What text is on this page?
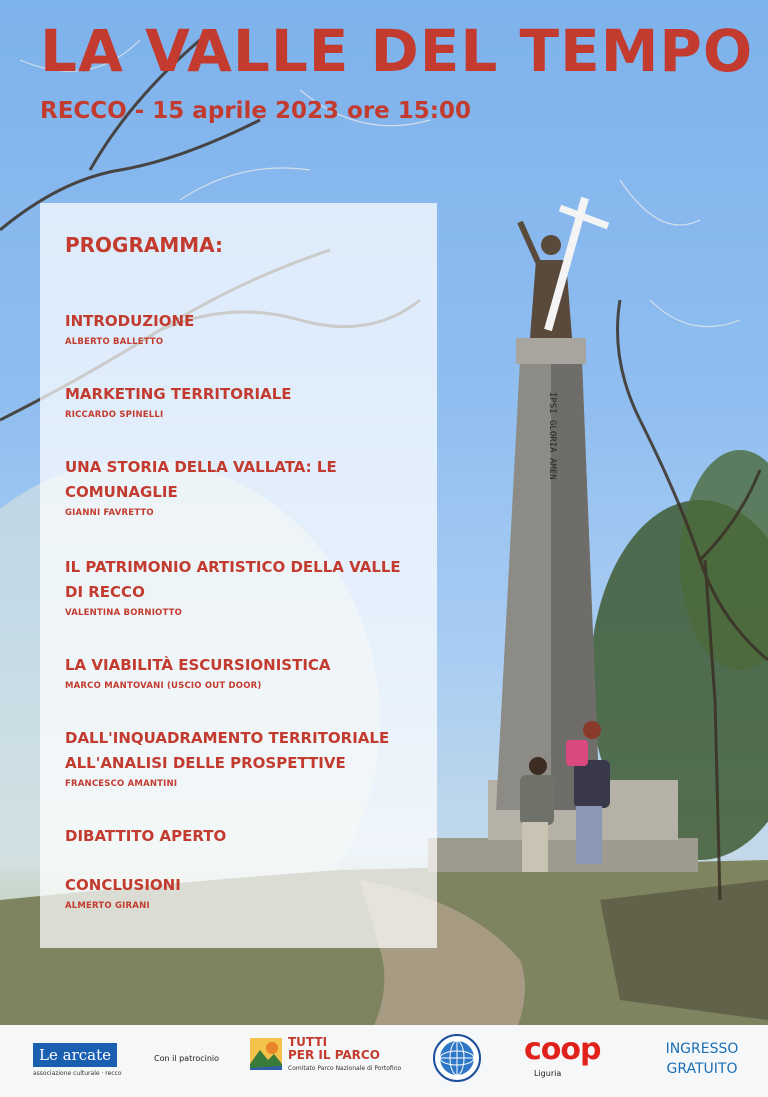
IPSI
GLORIA
AMEN
LA VALLE DEL TEMPO
RECCO - 15 aprile 2023 ore 15:00
PROGRAMMA:
INTRODUZIONE
ALBERTO BALLETTO
MARKETING TERRITORIALE
RICCARDO SPINELLI
UNA STORIA DELLA VALLATA: LE
COMUNAGLIE
GIANNI FAVRETTO
IL PATRIMONIO ARTISTICO DELLA VALLE
DI RECCO
VALENTINA BORNIOTTO
LA VIABILITÀ ESCURSIONISTICA
MARCO MANTOVANI (USCIO OUT DOOR)
DALL'INQUADRAMENTO TERRITORIALE
ALL'ANALISI DELLE PROSPETTIVE
FRANCESCO AMANTINI
DIBATTITO APERTO
CONCLUSIONI
ALMERTO GIRANI
Le arcate
associazione culturale · recco
Con il patrocinio
TUTTI
PER IL PARCO
Comitato Parco Nazionale di Portofino
coop
Liguria
INGRESSO
GRATUITO
